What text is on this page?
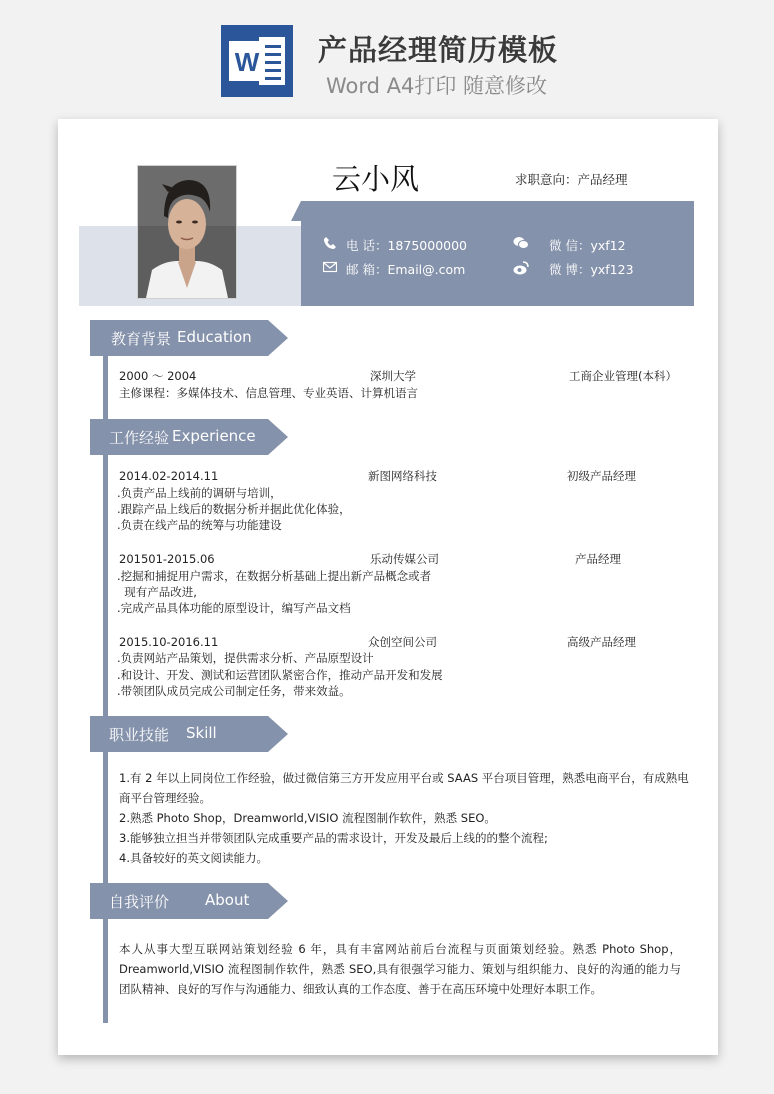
W 产品经理简历模板
Word A4打印 随意修改
云小风	求职意向：产品经理
电 话：1875000000
邮 箱：Email@.com
微 信：yxf12
微 博：yxf123
教育背景 Education
2000 ～ 2004	深圳大学	工商企业管理(本科）
主修课程：多媒体技术、信息管理、专业英语、计算机语言
工作经验 Experience
2014.02-2014.11	新图网络科技	初级产品经理
.负责产品上线前的调研与培训，
.跟踪产品上线后的数据分析并据此优化体验，
.负责在线产品的统筹与功能建设
201501-2015.06	乐动传媒公司	产品经理
.挖掘和捕捉用户需求，在数据分析基础上提出新产品概念或者
现有产品改进,
.完成产品具体功能的原型设计，编写产品文档
2015.10-2016.11	众创空间公司	高级产品经理
.负责网站产品策划，提供需求分析、产品原型设计
.和设计、开发、测试和运营团队紧密合作，推动产品开发和发展
.带领团队成员完成公司制定任务，带来效益。
职业技能 Skill
1.有 2 年以上同岗位工作经验，做过微信第三方开发应用平台或 SAAS 平台项目管理，熟悉电商平台，有成熟电
商平台管理经验。
2.熟悉 Photo Shop，Dreamworld,VISIO 流程图制作软件，熟悉 SEO。
3.能够独立担当并带领团队完成重要产品的需求设计，开发及最后上线的的整个流程;
4.具备较好的英文阅读能力。
自我评价 About
本人从事大型互联网站策划经验 6 年，具有丰富网站前后台流程与页面策划经验。熟悉 Photo Shop，Dreamworld,VISIO 流程图制作软件，熟悉 SEO,具有很强学习能力、策划与组织能力、良好的沟通的能力与团队精神、良好的写作与沟通能力、细致认真的工作态度、善于在高压环境中处理好本职工作。
